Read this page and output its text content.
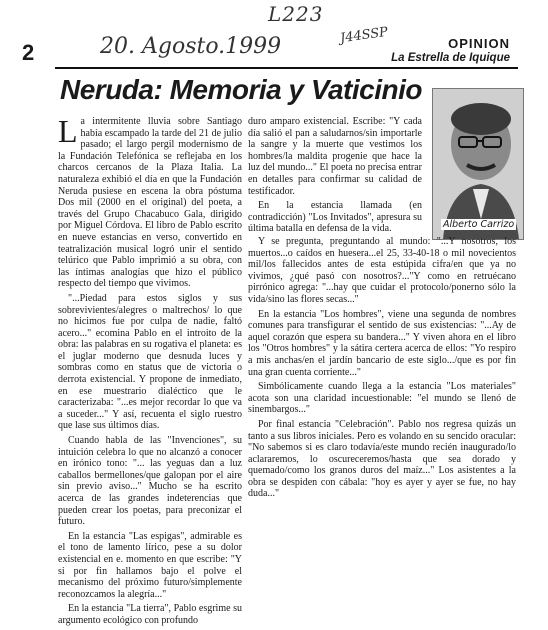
L223
20. Agosto.1999	J44SSP
2	OPINION
La Estrella de Iquique
Neruda: Memoria y Vaticinio
Alberto Carrizo

La intermitente lluvia sobre Santiago había escampado la tarde del 21 de julio pasado; el largo pergil modernismo de la Fundación Telefónica se reflejaba en los charcos cercanos de la Plaza Italia. La naturaleza exhibió el día en que la Fundación Neruda pusiese en escena la obra póstuma Dos mil (2000 en el original) del poeta, a través del Grupo Chacabuco Gala, dirigido por Miguel Córdova. El libro de Pablo escrito en nueve estancias en verso, convertido en teatralización musical logró unir el sentido telúrico que Pablo imprimió a su obra, con las íntimas analogías que hizo el público respecto del tiempo que vivimos.

"...Piedad para estos siglos y sus sobrevivientes/alegres o maltrechos/ lo que no hicimos fue por culpa de nadie, faltó acero..." ecomina Pablo en el introito de la obra: las palabras en su rogativa el planeta: es el juglar moderno que desnuda luces y sombras como en status que de victoria o derrota existencial. Y propone de inmediato, en ese muestrario dialéctico que le caracterizaba: "...es mejor recordar lo que va a suceder..." Y así, recuenta el siglo ruestro que lase sus últimos días.

Cuando habla de las "Invenciones", su intuición celebra lo que no alcanzó a conocer en irónico tono: "... las yeguas dan a luz caballos bermellones/que galopan por el aire sin previo aviso..." Mucho se ha escrito acerca de las grandes indeterencias que pueden crear los poetas, para preconizar el futuro.

En la estancia "Las espigas", admirable es el tono de lamento lírico, pese a su dolor existencial en e. momento en que escribe: "Y si por fin hallamos bajo el polve el mecanismo del próximo futuro/simplemente reconozcamos la alegría..."

En la estancia "La tierra", Pablo esgrime su argumento ecológico con profundo

duro amparo existencial. Escribe: "Y cada día salió el pan a saludarnos/sin importarle la sangre y la muerte que vestimos los hombres/la maldita progenie que hace la luz del mundo..." El poeta no precisa entrar en detalles para confirmar su calidad de testificador.

En la estancia llamada (en contradicción) "Los Invitados", apresura su última batalla en defensa de la vida.

Y se pregunta, preguntando al mundo: "...Y nosotros, los muertos...o caídos en huesera...el 25, 33-40-18 o mil novecientos mil/los fallecidos antes de esta estúpida cifra/en que ya no vivimos, ¿qué pasó con nosotros?..."Y como en retruécano pirrónico agrega: "...hay que cuidar el protocolo/ponerno sólo la vida/sino las flores secas..."

En la estancia "Los hombres", viene una segunda de nombres comunes para transfigurar el sentido de sus existencias: "...Ay de aquel corazón que espera su bandera..." Y viven ahora en el libro los "Otros hombres" y la sátira certera acerca de ellos: "Yo respiro a mis anchas/en el jardín bancario de este siglo.../que es por fin una gran cuenta corriente..."

Simbólicamente cuando llega a la estancia "Los materiales" acota son una claridad incuestionable: "el mundo se llenó de sinembargos..."

Por final estancia "Celebración". Pablo nos regresa quizás un tanto a sus libros iniciales. Pero es volando en su sencido oracular: "No sabemos si es claro todavía/este mundo recién inaugurado/lo aclararemos, lo oscureceremos/hasta que sea dorado y quemado/como los granos duros del maíz..." Los asistentes a la obra se despiden con cábala: "hoy es ayer y ayer se fue, no hay duda..."
